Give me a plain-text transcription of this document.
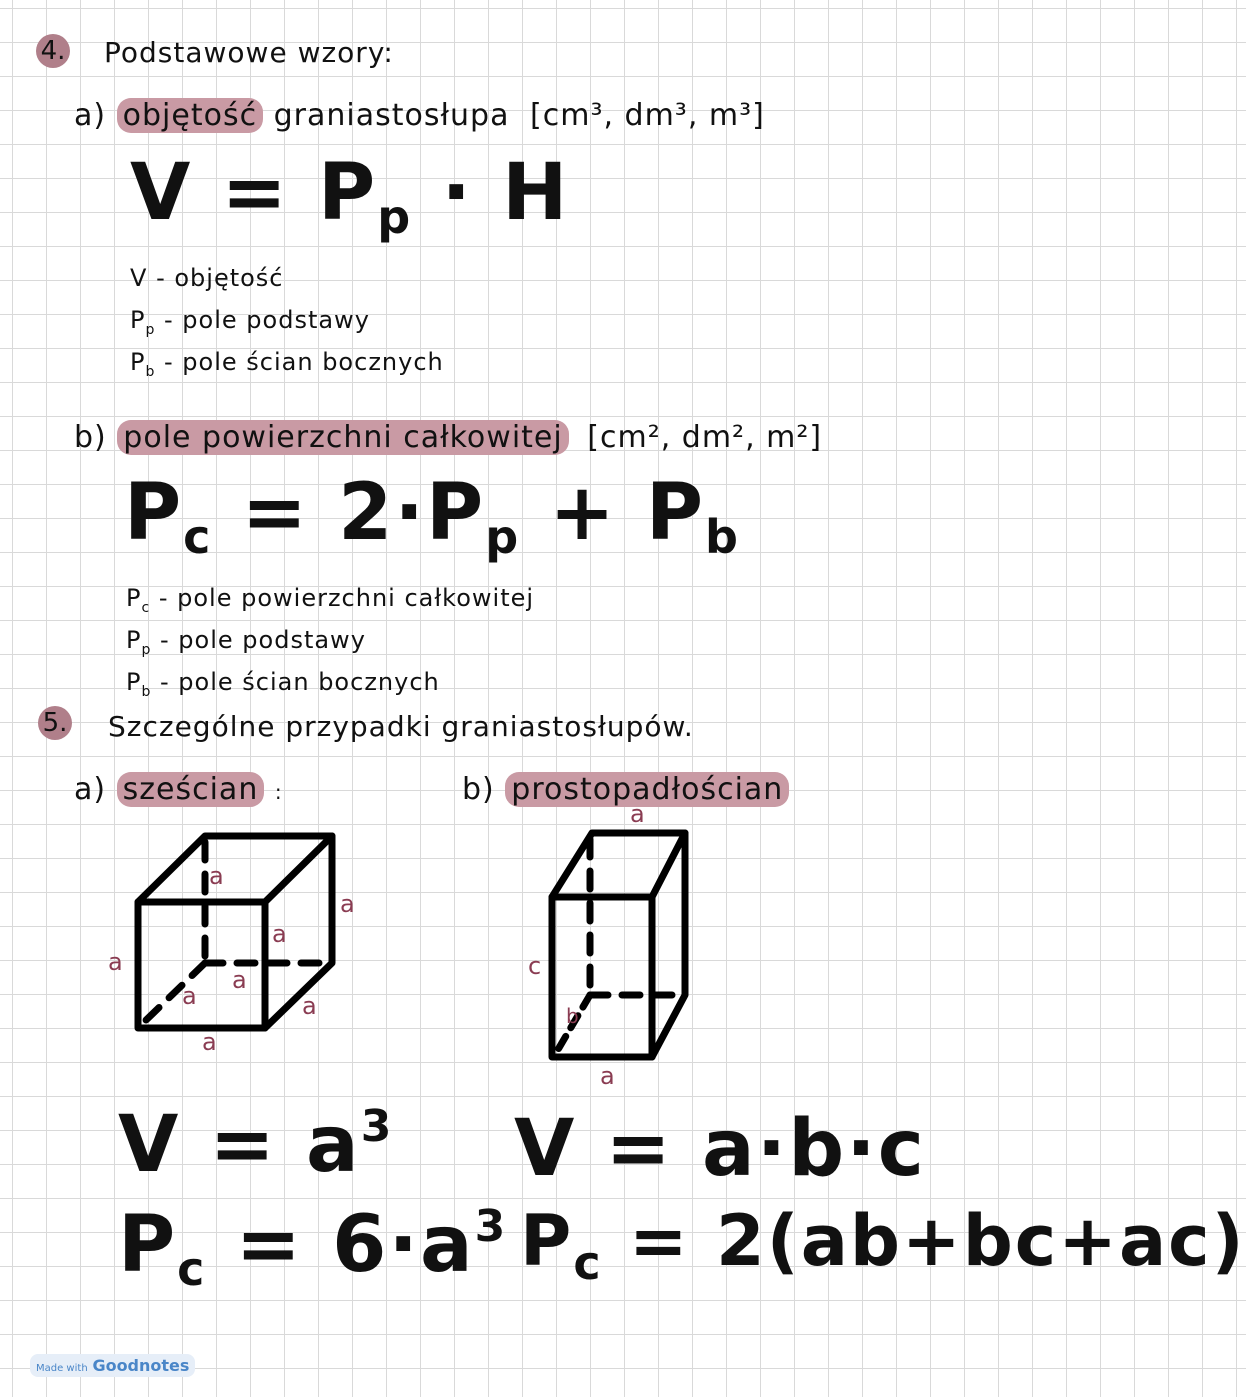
4. Podstawowe wzory:
a) objętość graniastosłupa [cm³, dm³, m³]
$V = P_p \cdot H$
V - objętość
$P_p$ - pole podstawy
$P_b$ - pole ścian bocznych
b) pole powierzchni całkowitej [cm², dm², m²]
$P_c = 2\cdot P_p + P_b$
$P_c$ - pole powierzchni całkowitej
$P_p$ - pole podstawy
$P_b$ - pole ścian bocznych
5. Szczególne przypadki graniastosłupów.
a) sześcian :	b) prostopadłościan
a
a
a
a
a
a	a
a
a
c
b
a
$V = a^3$
$P_c = 6\cdot a^3$
V = a·b·c
$P_c = 2(ab+bc+ac)$
Made with Goodnotes
